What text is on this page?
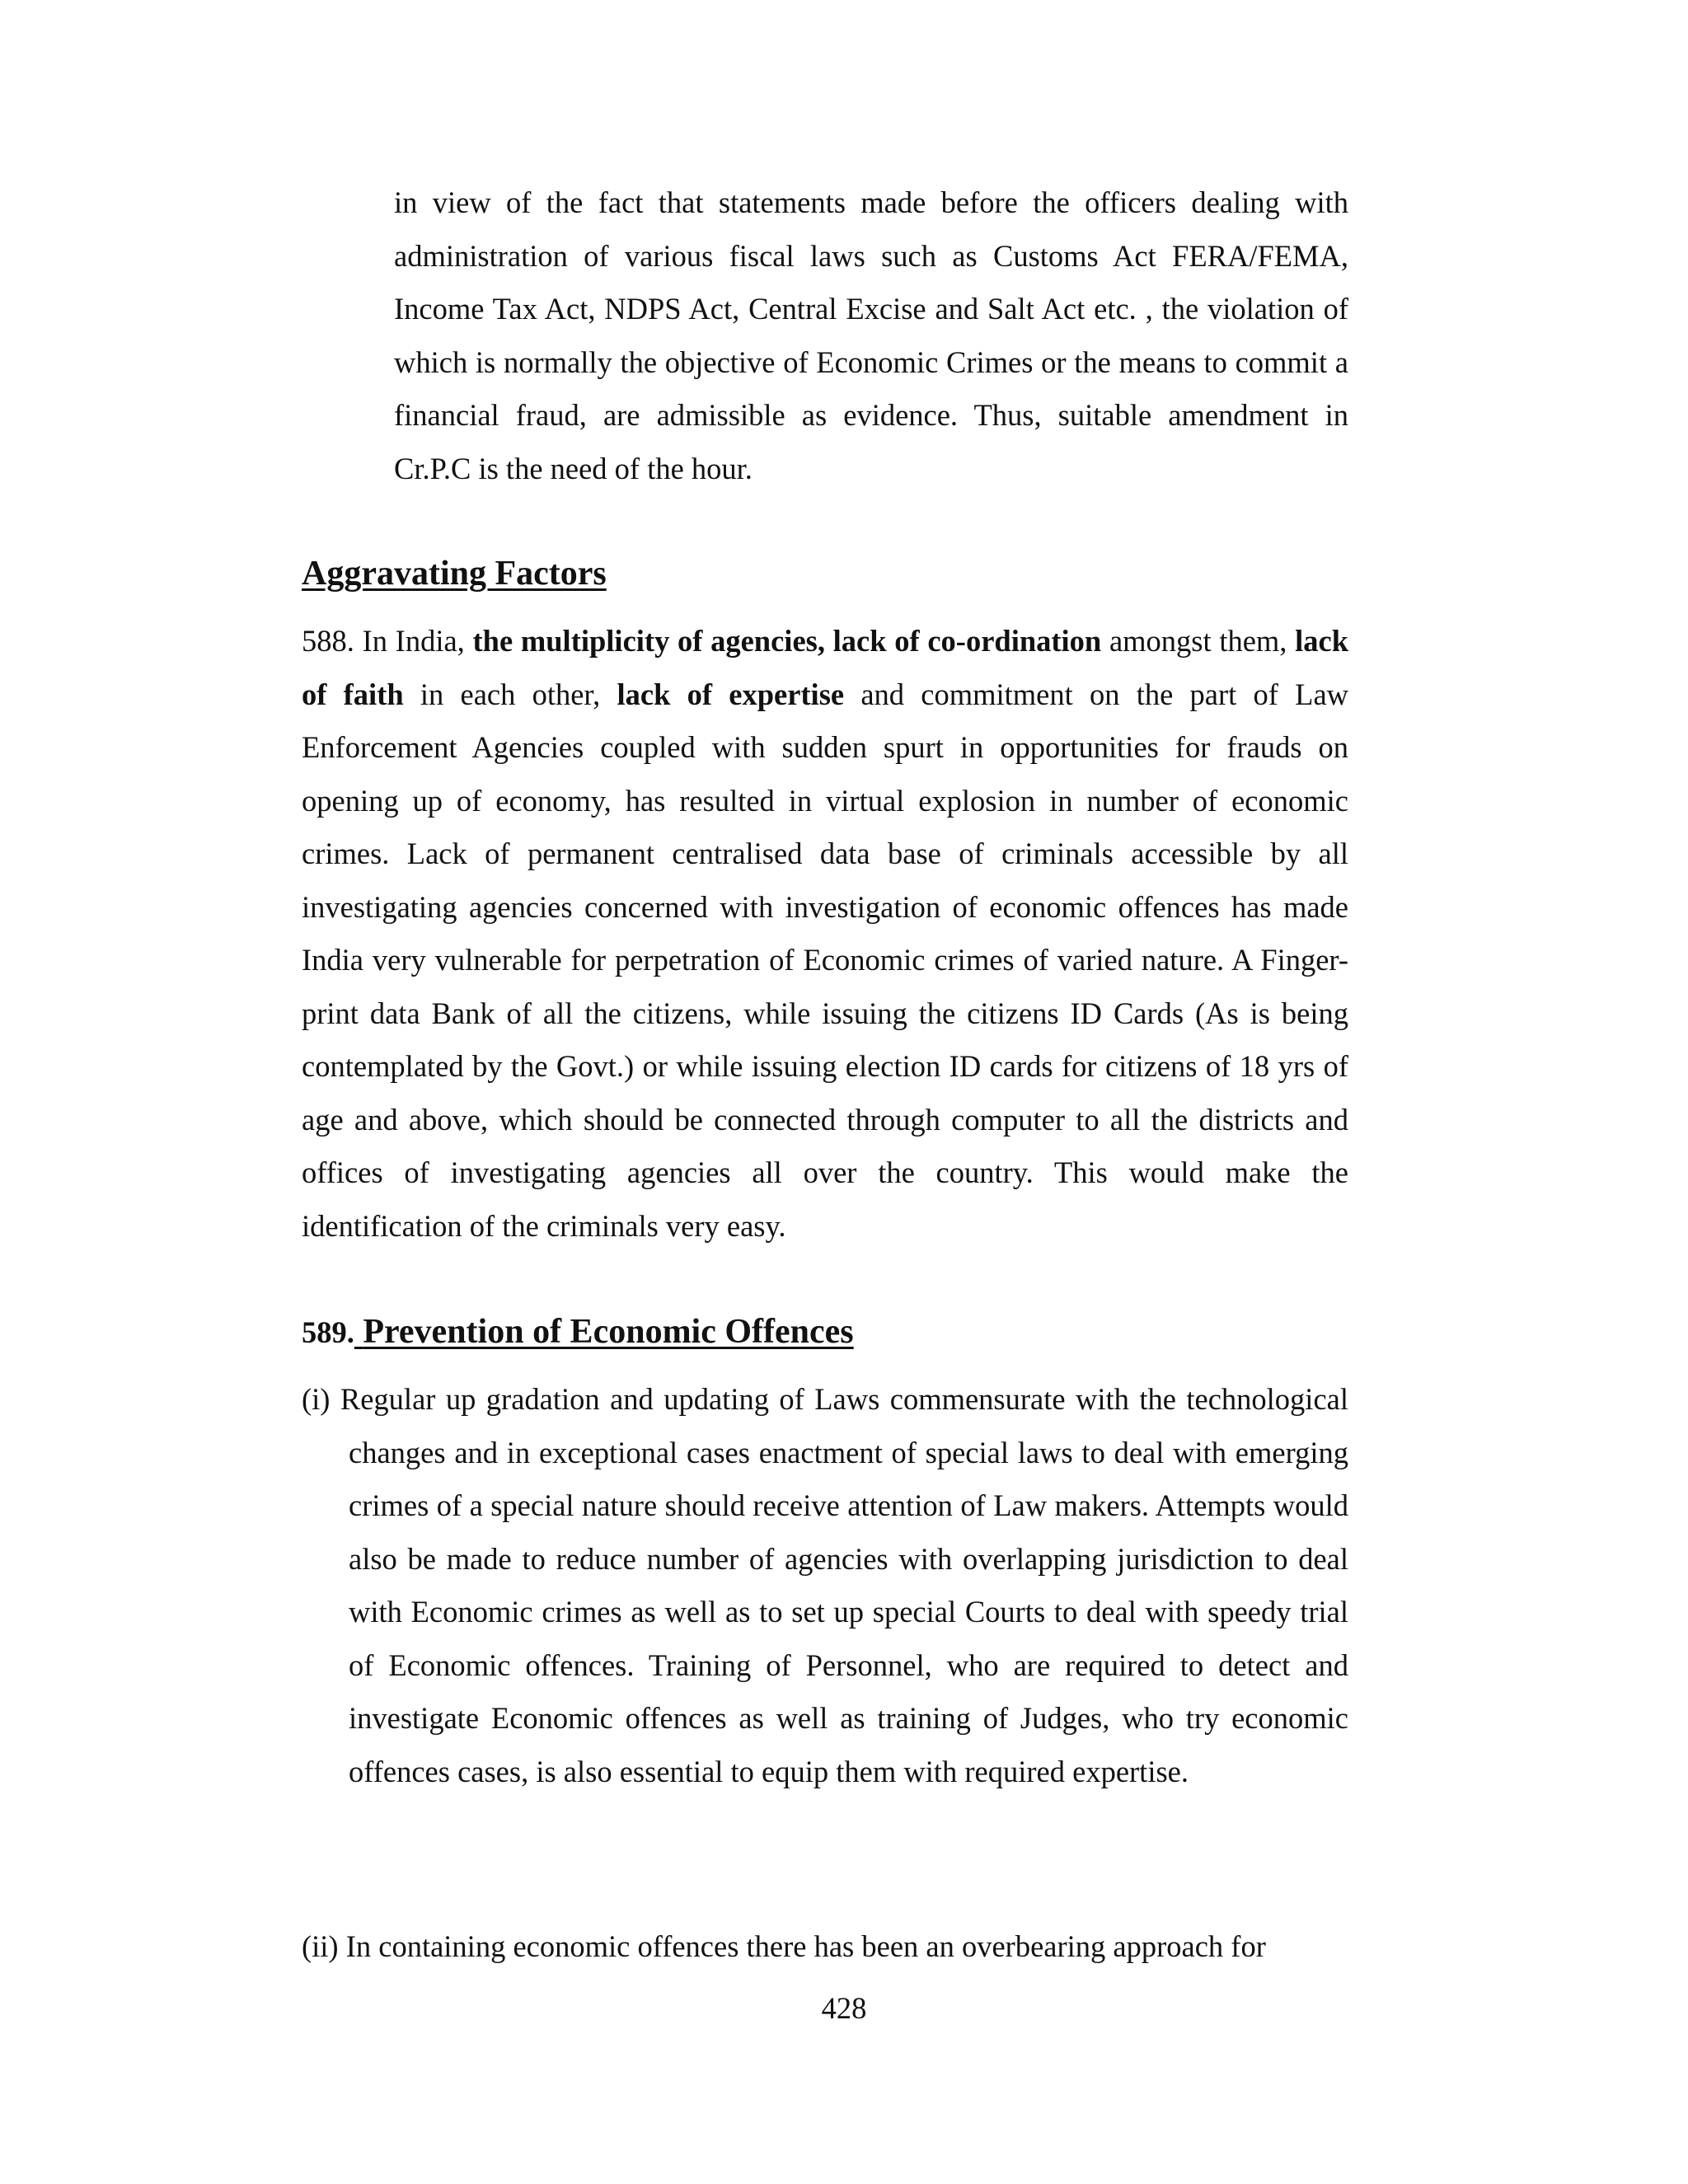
in view of the fact that statements made before the officers dealing with administration of various fiscal laws such as Customs Act FERA/FEMA, Income Tax Act, NDPS Act, Central Excise and Salt Act etc. , the violation of which is normally the objective of Economic Crimes or the means to commit a financial fraud, are admissible as evidence. Thus, suitable amendment in Cr.P.C is the need of the hour.

Aggravating Factors

588. In India, the multiplicity of agencies, lack of co-ordination amongst them, lack of faith in each other, lack of expertise and commitment on the part of Law Enforcement Agencies coupled with sudden spurt in opportunities for frauds on opening up of economy, has resulted in virtual explosion in number of economic crimes. Lack of permanent centralised data base of criminals accessible by all investigating agencies concerned with investigation of economic offences has made India very vulnerable for perpetration of Economic crimes of varied nature. A Finger-print data Bank of all the citizens, while issuing the citizens ID Cards (As is being contemplated by the Govt.) or while issuing election ID cards for citizens of 18 yrs of age and above, which should be connected through computer to all the districts and offices of investigating agencies all over the country. This would make the identification of the criminals very easy.

589. Prevention of Economic Offences

(i) Regular up gradation and updating of Laws commensurate with the technological changes and in exceptional cases enactment of special laws to deal with emerging crimes of a special nature should receive attention of Law makers. Attempts would also be made to reduce number of agencies with overlapping jurisdiction to deal with Economic crimes as well as to set up special Courts to deal with speedy trial of Economic offences. Training of Personnel, who are required to detect and investigate Economic offences as well as training of Judges, who try economic offences cases, is also essential to equip them with required expertise.

(ii) In containing economic offences there has been an overbearing approach for

428
